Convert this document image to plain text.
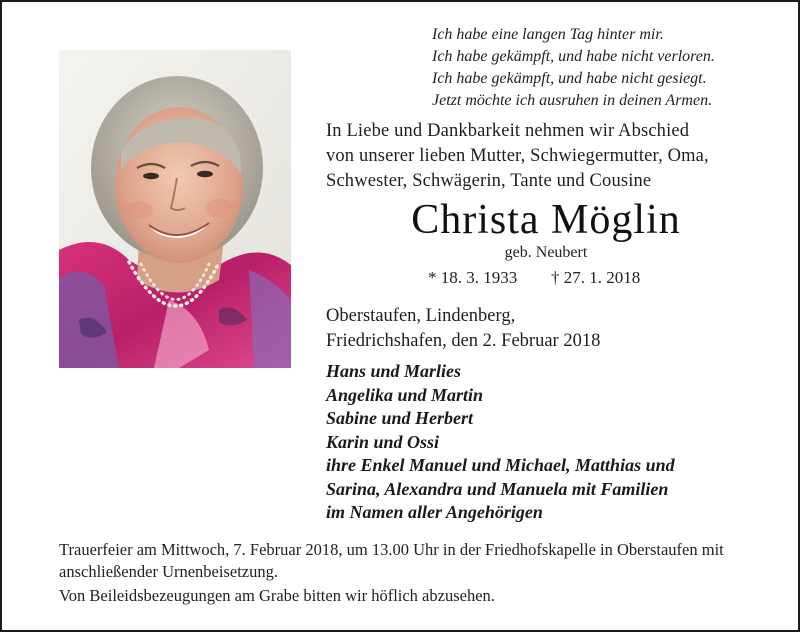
Ich habe eine langen Tag hinter mir.
Ich habe gekämpft, und habe nicht verloren.
Ich habe gekämpft, und habe nicht gesiegt.
Jetzt möchte ich ausruhen in deinen Armen.
In Liebe und Dankbarkeit nehmen wir Abschied
von unserer lieben Mutter, Schwiegermutter, Oma,
Schwester, Schwägerin, Tante und Cousine
Christa Möglin
geb. Neubert
* 18. 3. 1933 † 27. 1. 2018
Oberstaufen, Lindenberg,
Friedrichshafen, den 2. Februar 2018
Hans und Marlies
Angelika und Martin
Sabine und Herbert
Karin und Ossi
ihre Enkel Manuel und Michael, Matthias und
Sarina, Alexandra und Manuela mit Familien
im Namen aller Angehörigen

Trauerfeier am Mittwoch, 7. Februar 2018, um 13.00 Uhr in der Friedhofskapelle in Oberstaufen mit anschließender Urnenbeisetzung.

Von Beileidsbezeugungen am Grabe bitten wir höflich abzusehen.
